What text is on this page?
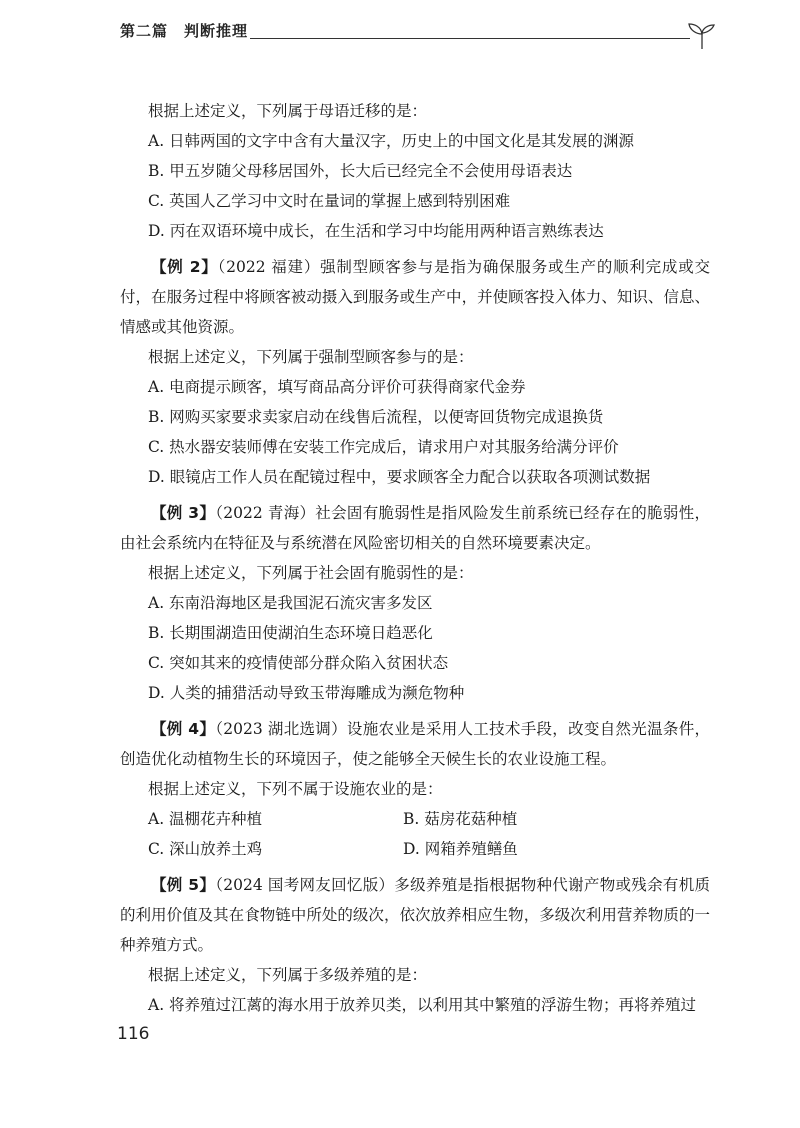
第二篇　判断推理

根据上述定义，下列属于母语迁移的是：

A. 日韩两国的文字中含有大量汉字，历史上的中国文化是其发展的渊源

B. 甲五岁随父母移居国外，长大后已经完全不会使用母语表达

C. 英国人乙学习中文时在量词的掌握上感到特别困难

D. 丙在双语环境中成长，在生活和学习中均能用两种语言熟练表达

【例 2】（2022 福建）强制型顾客参与是指为确保服务或生产的顺利完成或交付，在服务过程中将顾客被动摄入到服务或生产中，并使顾客投入体力、知识、信息、情感或其他资源。

根据上述定义，下列属于强制型顾客参与的是：

A. 电商提示顾客，填写商品高分评价可获得商家代金券

B. 网购买家要求卖家启动在线售后流程，以便寄回货物完成退换货

C. 热水器安装师傅在安装工作完成后，请求用户对其服务给满分评价

D. 眼镜店工作人员在配镜过程中，要求顾客全力配合以获取各项测试数据

【例 3】（2022 青海）社会固有脆弱性是指风险发生前系统已经存在的脆弱性，由社会系统内在特征及与系统潜在风险密切相关的自然环境要素决定。

根据上述定义，下列属于社会固有脆弱性的是：

A. 东南沿海地区是我国泥石流灾害多发区

B. 长期围湖造田使湖泊生态环境日趋恶化

C. 突如其来的疫情使部分群众陷入贫困状态

D. 人类的捕猎活动导致玉带海雕成为濒危物种

【例 4】（2023 湖北选调）设施农业是采用人工技术手段，改变自然光温条件，创造优化动植物生长的环境因子，使之能够全天候生长的农业设施工程。

根据上述定义，下列不属于设施农业的是：

A. 温棚花卉种植	B. 菇房花菇种植

C. 深山放养土鸡	D. 网箱养殖鳝鱼

【例 5】（2024 国考网友回忆版）多级养殖是指根据物种代谢产物或残余有机质的利用价值及其在食物链中所处的级次，依次放养相应生物，多级次利用营养物质的一种养殖方式。

根据上述定义，下列属于多级养殖的是：

A. 将养殖过江蓠的海水用于放养贝类，以利用其中繁殖的浮游生物；再将养殖过

116
